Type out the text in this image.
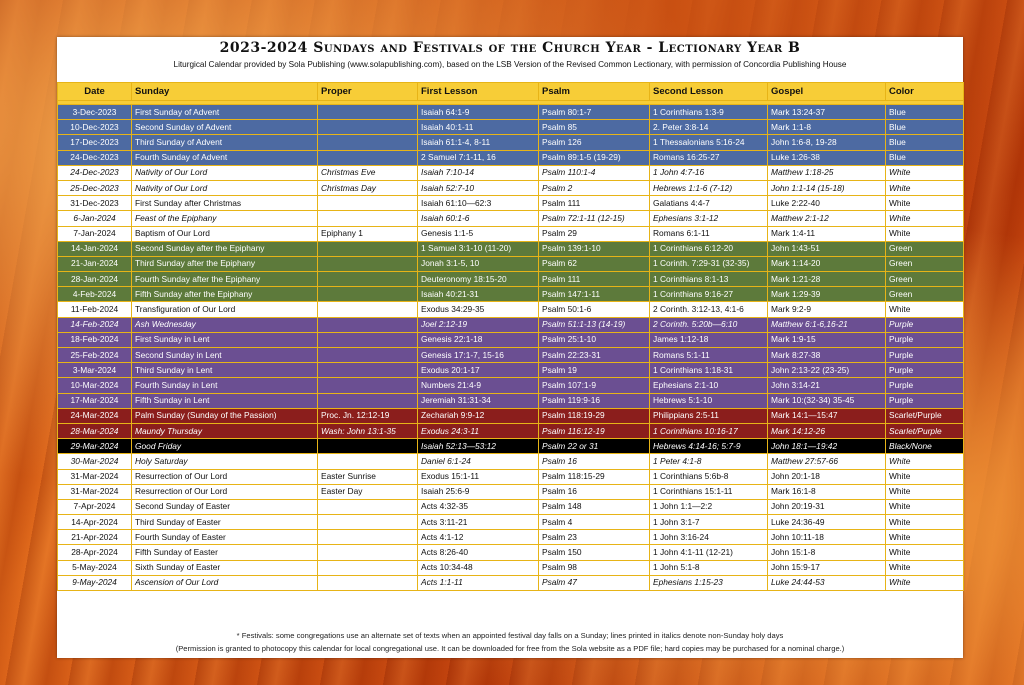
2023-2024 Sundays and Festivals of the Church Year - Lectionary Year B
Liturgical Calendar provided by Sola Publishing (www.solapublishing.com), based on the LSB Version of the Revised Common Lectionary, with permission of Concordia Publishing House
Date	Sunday	Proper	First Lesson	Psalm	Second Lesson	Gospel	Color

3-Dec-2023	First Sunday of Advent		Isaiah 64:1-9	Psalm 80:1-7	1 Corinthians 1:3-9	Mark 13:24-37	Blue
10-Dec-2023	Second Sunday of Advent		Isaiah 40:1-11	Psalm 85	2. Peter 3:8-14	Mark 1:1-8	Blue
17-Dec-2023	Third Sunday of Advent		Isaiah 61:1-4, 8-11	Psalm 126	1 Thessalonians 5:16-24	John 1:6-8, 19-28	Blue
24-Dec-2023	Fourth Sunday of Advent		2 Samuel 7:1-11, 16	Psalm 89:1-5 (19-29)	Romans 16:25-27	Luke 1:26-38	Blue
24-Dec-2023	Nativity of Our Lord	Christmas Eve	Isaiah 7:10-14	Psalm 110:1-4	1 John 4:7-16	Matthew 1:18-25	White
25-Dec-2023	Nativity of Our Lord	Christmas Day	Isaiah 52:7-10	Psalm 2	Hebrews 1:1-6 (7-12)	John 1:1-14 (15-18)	White
31-Dec-2023	First Sunday after Christmas		Isaiah 61:10—62:3	Psalm 111	Galatians 4:4-7	Luke 2:22-40	White
6-Jan-2024	Feast of the Epiphany		Isaiah 60:1-6	Psalm 72:1-11 (12-15)	Ephesians 3:1-12	Matthew 2:1-12	White
7-Jan-2024	Baptism of Our Lord	Epiphany 1	Genesis 1:1-5	Psalm 29	Romans 6:1-11	Mark 1:4-11	White
14-Jan-2024	Second Sunday after the Epiphany		1 Samuel 3:1-10 (11-20)	Psalm 139:1-10	1 Corinthians 6:12-20	John 1:43-51	Green
21-Jan-2024	Third Sunday after the Epiphany		Jonah 3:1-5, 10	Psalm 62	1 Corinth. 7:29-31 (32-35)	Mark 1:14-20	Green
28-Jan-2024	Fourth Sunday after the Epiphany		Deuteronomy 18:15-20	Psalm 111	1 Corinthians 8:1-13	Mark 1:21-28	Green
4-Feb-2024	Fifth Sunday after the Epiphany		Isaiah 40:21-31	Psalm 147:1-11	1 Corinthians 9:16-27	Mark 1:29-39	Green
11-Feb-2024	Transfiguration of Our Lord		Exodus 34:29-35	Psalm 50:1-6	2 Corinth. 3:12-13, 4:1-6	Mark 9:2-9	White
14-Feb-2024	Ash Wednesday		Joel 2:12-19	Psalm 51:1-13 (14-19)	2 Corinth. 5:20b—6:10	Matthew 6:1-6,16-21	Purple
18-Feb-2024	First Sunday in Lent		Genesis 22:1-18	Psalm 25:1-10	James 1:12-18	Mark 1:9-15	Purple
25-Feb-2024	Second Sunday in Lent		Genesis 17:1-7, 15-16	Psalm 22:23-31	Romans 5:1-11	Mark 8:27-38	Purple
3-Mar-2024	Third Sunday in Lent		Exodus 20:1-17	Psalm 19	1 Corinthians 1:18-31	John 2:13-22 (23-25)	Purple
10-Mar-2024	Fourth Sunday in Lent		Numbers 21:4-9	Psalm 107:1-9	Ephesians 2:1-10	John 3:14-21	Purple
17-Mar-2024	Fifth Sunday in Lent		Jeremiah 31:31-34	Psalm 119:9-16	Hebrews 5:1-10	Mark 10:(32-34) 35-45	Purple
24-Mar-2024	Palm Sunday (Sunday of the Passion)	Proc. Jn. 12:12-19	Zechariah 9:9-12	Psalm 118:19-29	Philippians 2:5-11	Mark 14:1—15:47	Scarlet/Purple
28-Mar-2024	Maundy Thursday	Wash: John 13:1-35	Exodus 24:3-11	Psalm 116:12-19	1 Corinthians 10:16-17	Mark 14:12-26	Scarlet/Purple
29-Mar-2024	Good Friday		Isaiah 52:13—53:12	Psalm 22 or 31	Hebrews 4:14-16; 5:7-9	John 18:1—19:42	Black/None
30-Mar-2024	Holy Saturday		Daniel 6:1-24	Psalm 16	1 Peter 4:1-8	Matthew 27:57-66	White
31-Mar-2024	Resurrection of Our Lord	Easter Sunrise	Exodus 15:1-11	Psalm 118:15-29	1 Corinthians 5:6b-8	John 20:1-18	White
31-Mar-2024	Resurrection of Our Lord	Easter Day	Isaiah 25:6-9	Psalm 16	1 Corinthians 15:1-11	Mark 16:1-8	White
7-Apr-2024	Second Sunday of Easter		Acts 4:32-35	Psalm 148	1 John 1:1—2:2	John 20:19-31	White
14-Apr-2024	Third Sunday of Easter		Acts 3:11-21	Psalm 4	1 John 3:1-7	Luke 24:36-49	White
21-Apr-2024	Fourth Sunday of Easter		Acts 4:1-12	Psalm 23	1 John 3:16-24	John 10:11-18	White
28-Apr-2024	Fifth Sunday of Easter		Acts 8:26-40	Psalm 150	1 John 4:1-11 (12-21)	John 15:1-8	White
5-May-2024	Sixth Sunday of Easter		Acts 10:34-48	Psalm 98	1 John 5:1-8	John 15:9-17	White
9-May-2024	Ascension of Our Lord		Acts 1:1-11	Psalm 47	Ephesians 1:15-23	Luke 24:44-53	White
* Festivals: some congregations use an alternate set of texts when an appointed festival day falls on a Sunday; lines printed in italics denote non-Sunday holy days
(Permission is granted to photocopy this calendar for local congregational use. It can be downloaded for free from the Sola website as a PDF file; hard copies may be purchased for a nominal charge.)
